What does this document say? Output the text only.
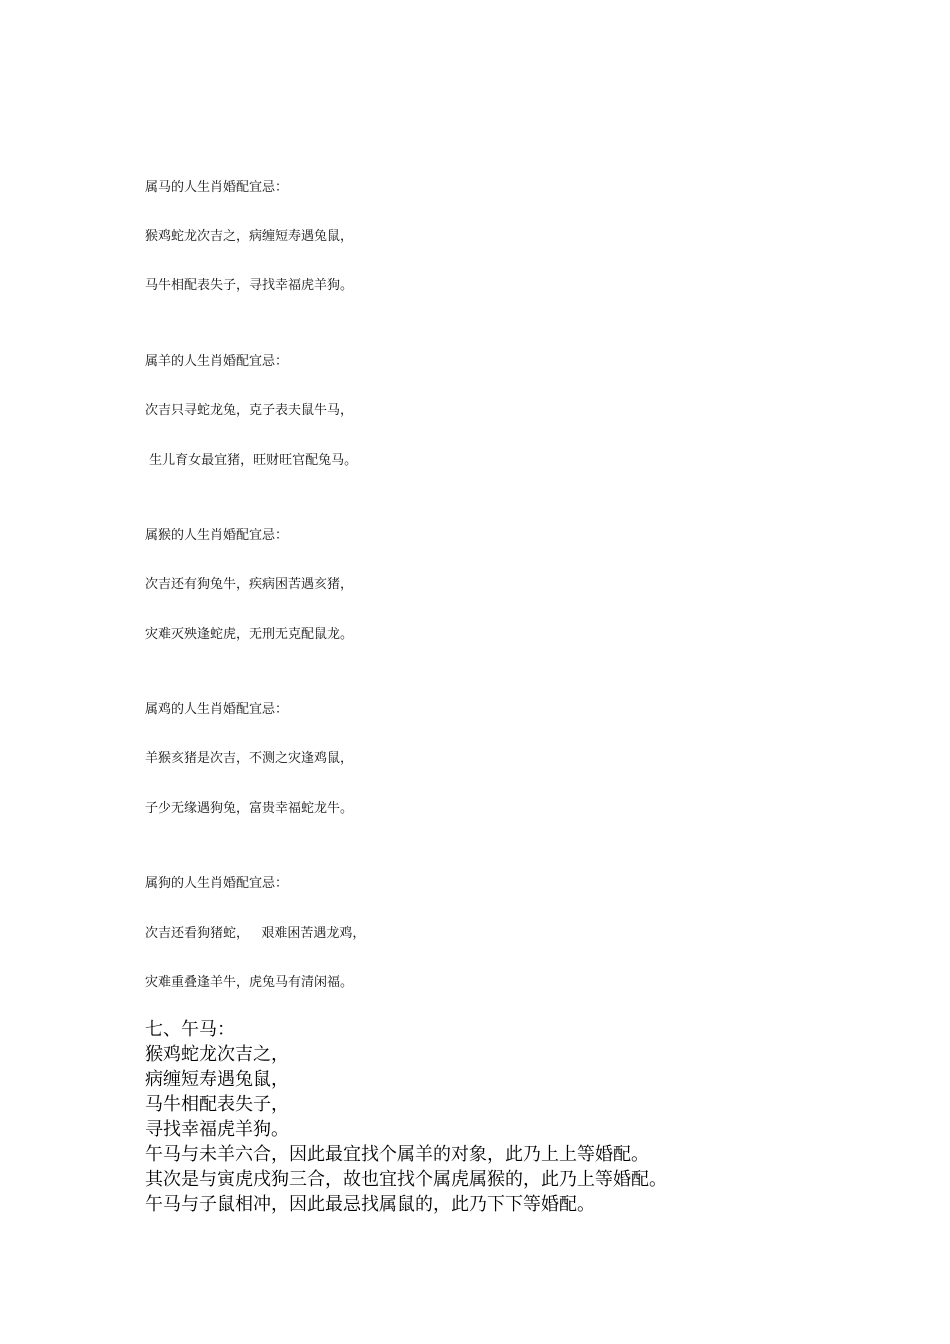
属马的人生肖婚配宜忌：
猴鸡蛇龙次吉之，病缠短寿遇兔鼠，
马牛相配表失子，寻找幸福虎羊狗。
属羊的人生肖婚配宜忌：
次吉只寻蛇龙兔，克子表夫鼠牛马，
生儿育女最宜猪，旺财旺官配兔马。
属猴的人生肖婚配宜忌：
次吉还有狗兔牛，疾病困苦遇亥猪，
灾难灭殃逢蛇虎，无刑无克配鼠龙。
属鸡的人生肖婚配宜忌：
羊猴亥猪是次吉，不测之灾逢鸡鼠，
子少无缘遇狗兔，富贵幸福蛇龙牛。
属狗的人生肖婚配宜忌：
次吉还看狗猪蛇，   艰难困苦遇龙鸡，
灾难重叠逢羊牛，虎兔马有清闲福。
七、午马：
猴鸡蛇龙次吉之，
病缠短寿遇兔鼠，
马牛相配表失子，
寻找幸福虎羊狗。
午马与未羊六合，因此最宜找个属羊的对象，此乃上上等婚配。
其次是与寅虎戌狗三合，故也宜找个属虎属猴的，此乃上等婚配。
午马与子鼠相冲，因此最忌找属鼠的，此乃下下等婚配。
